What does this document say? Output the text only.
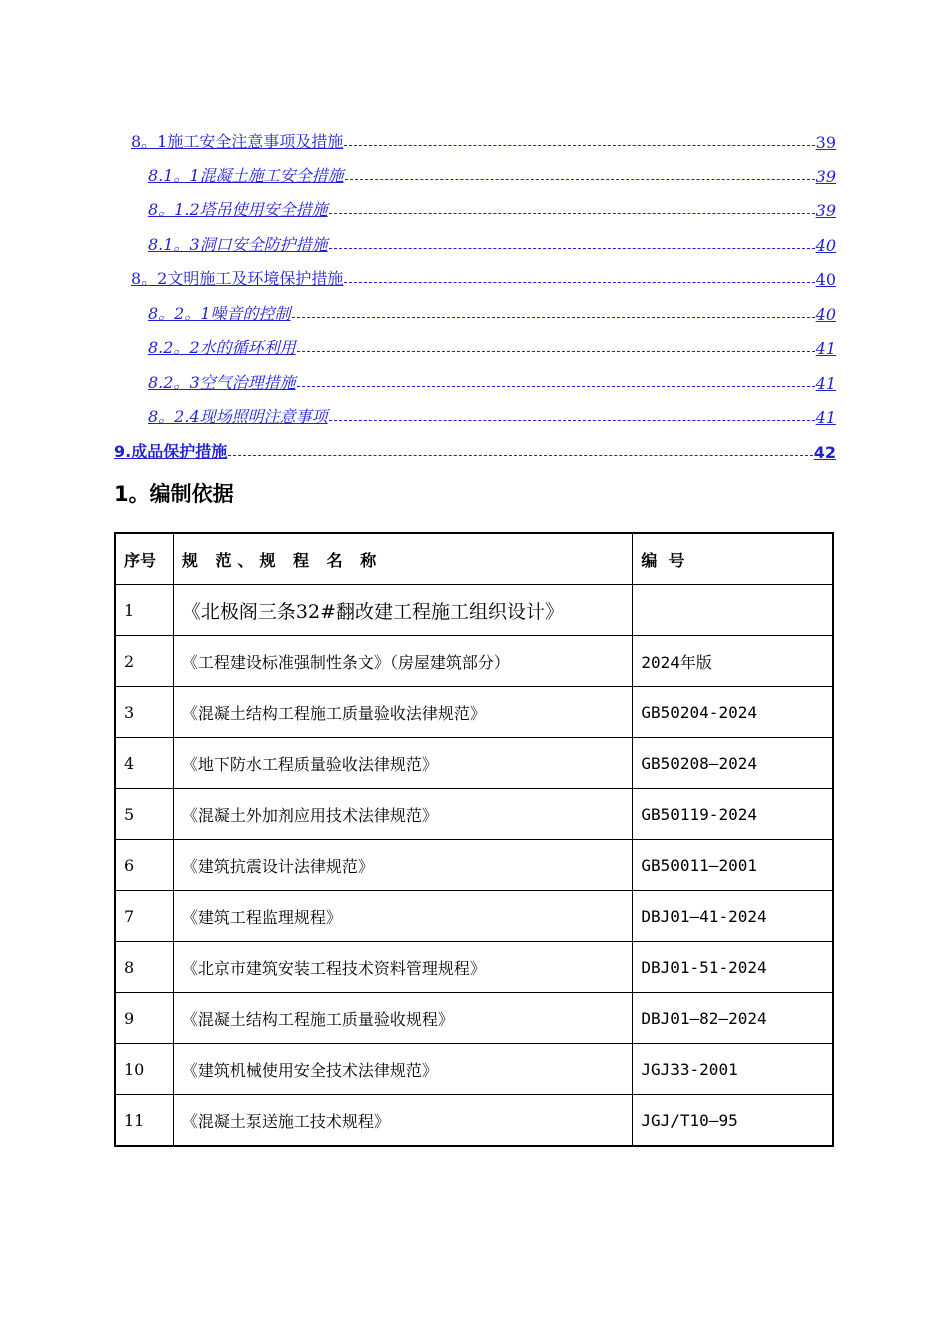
8。1施工安全注意事项及措施	39
8.1。1混凝土施工安全措施	39
8。1.2塔吊使用安全措施	39
8.1。3洞口安全防护措施	40
8。2文明施工及环境保护措施	40
8。2。1噪音的控制	40
8.2。2水的循环利用	41
8.2。3空气治理措施	41
8。2.4现场照明注意事项	41
9.成品保护措施	42
1。编制依据
序号	规 范、规 程 名 称	编  号
1	《北极阁三条32#翻改建工程施工组织设计》	
2	《工程建设标准强制性条文》（房屋建筑部分）	2024年版
3	《混凝土结构工程施工质量验收法律规范》	GB50204-2024
4	《地下防水工程质量验收法律规范》	GB50208—2024
5	《混凝土外加剂应用技术法律规范》	GB50119-2024
6	《建筑抗震设计法律规范》	GB50011—2001
7	《建筑工程监理规程》	DBJ01—41-2024
8	《北京市建筑安装工程技术资料管理规程》	DBJ01-51-2024
9	《混凝土结构工程施工质量验收规程》	DBJ01—82—2024
10	《建筑机械使用安全技术法律规范》	JGJ33-2001
11	《混凝土泵送施工技术规程》	JGJ/T10—95
